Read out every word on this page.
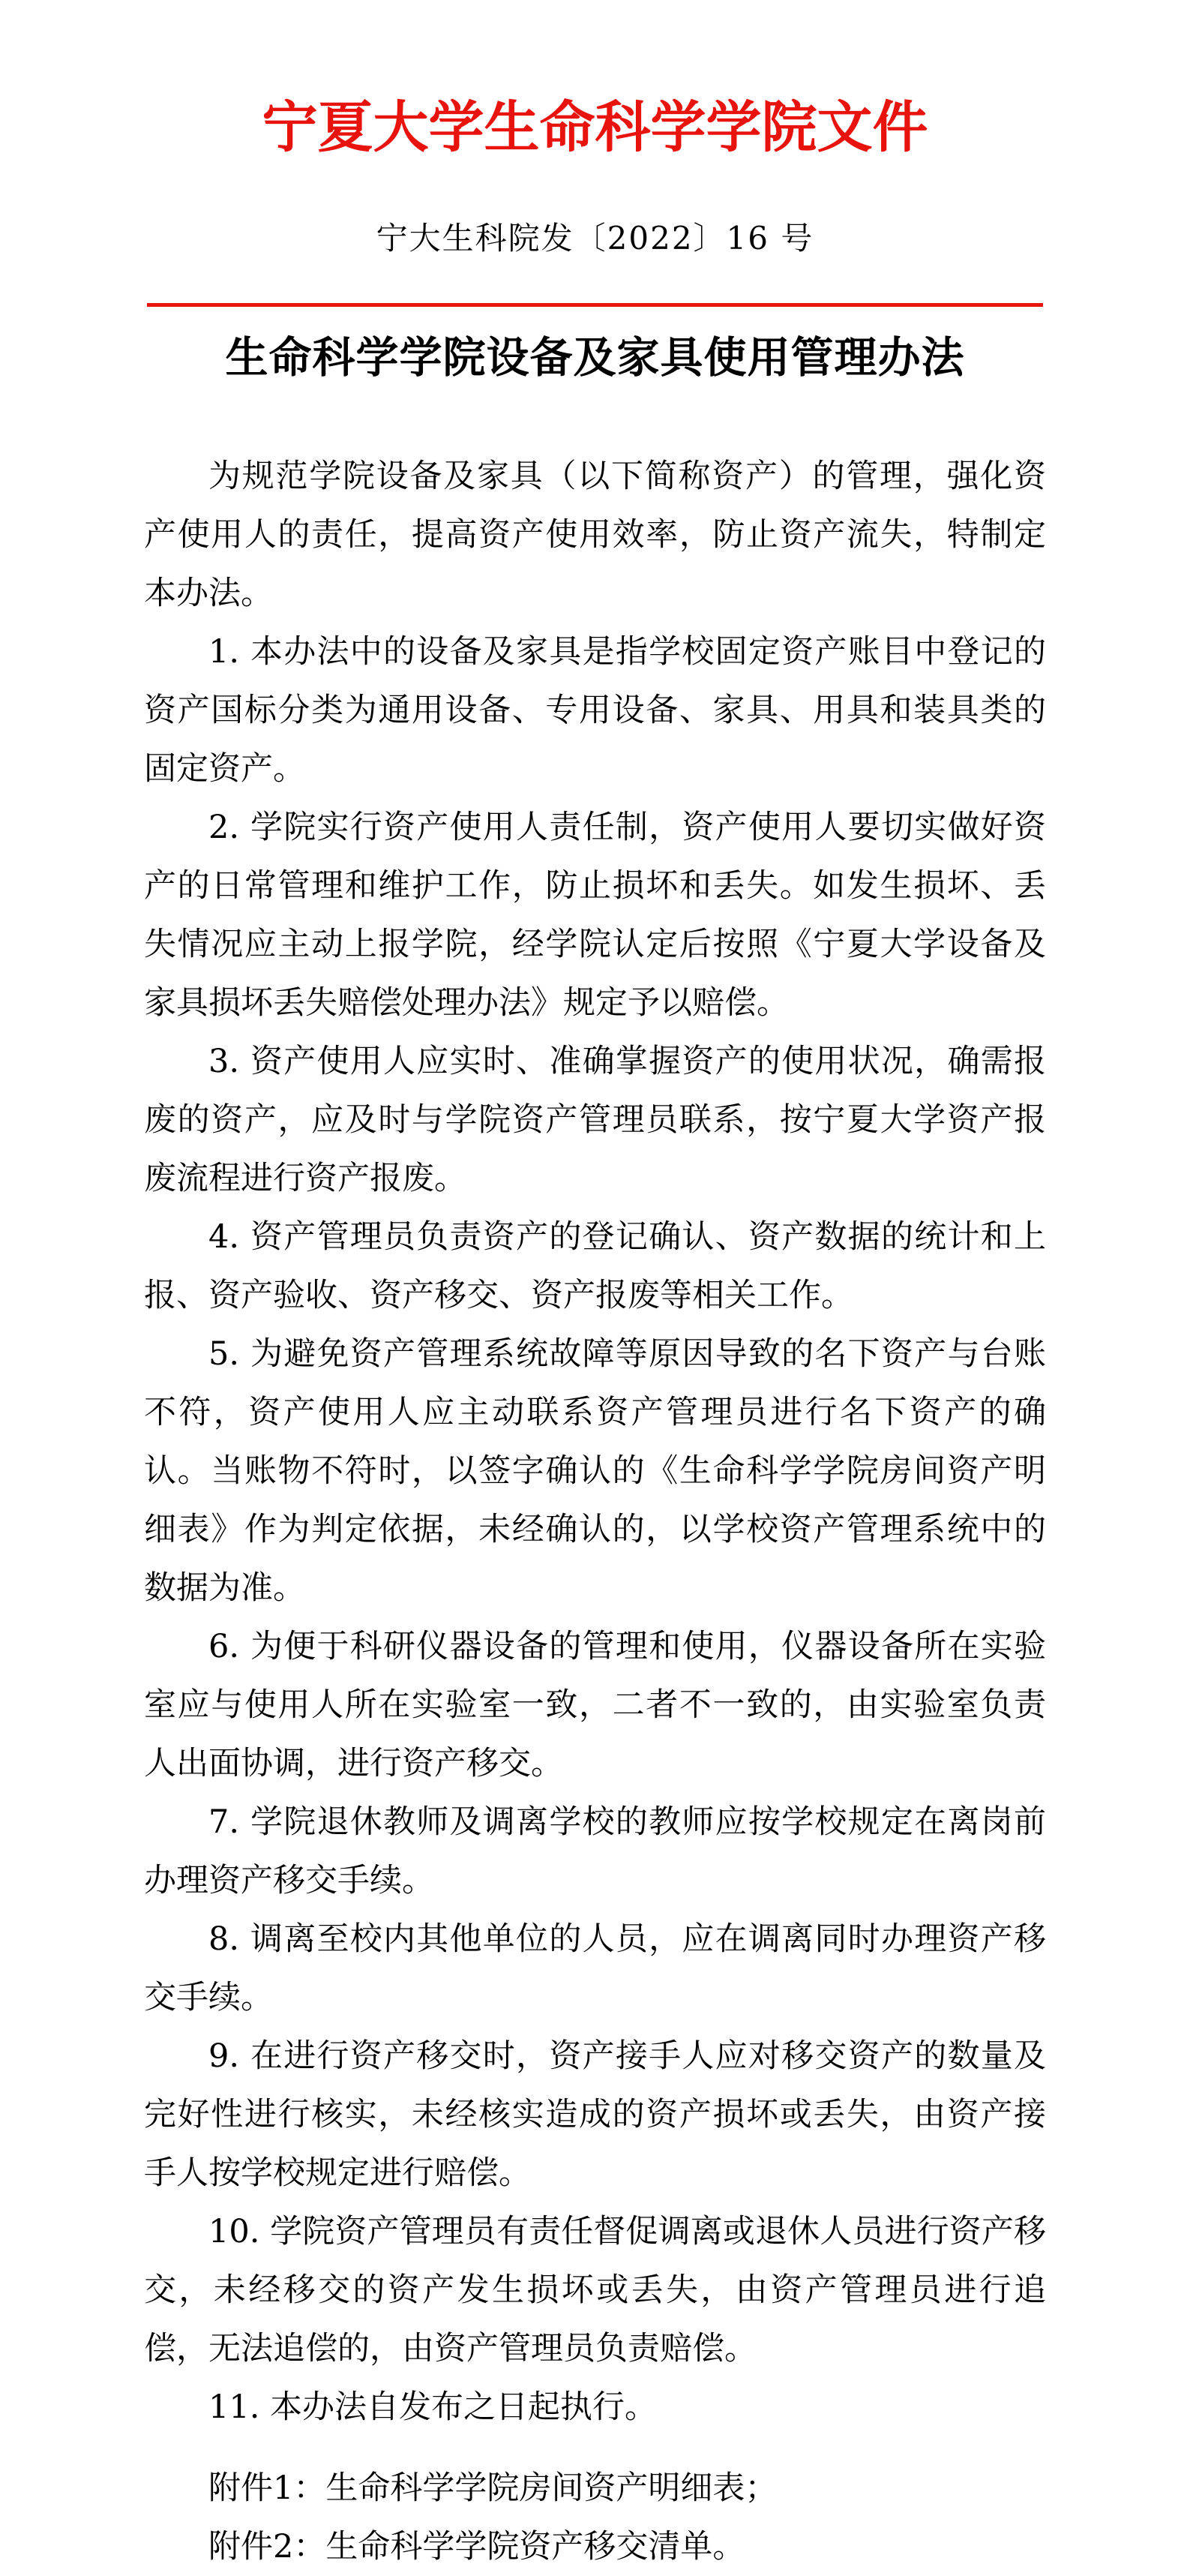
宁夏大学生命科学学院文件
宁大生科院发〔2022〕16 号
生命科学学院设备及家具使用管理办法

为规范学院设备及家具（以下简称资产）的管理，强化资产使用人的责任，提高资产使用效率，防止资产流失，特制定本办法。

1. 本办法中的设备及家具是指学校固定资产账目中登记的资产国标分类为通用设备、专用设备、家具、用具和装具类的固定资产。

2. 学院实行资产使用人责任制，资产使用人要切实做好资产的日常管理和维护工作，防止损坏和丢失。如发生损坏、丢失情况应主动上报学院，经学院认定后按照《宁夏大学设备及家具损坏丢失赔偿处理办法》规定予以赔偿。

3. 资产使用人应实时、准确掌握资产的使用状况，确需报废的资产，应及时与学院资产管理员联系，按宁夏大学资产报废流程进行资产报废。

4. 资产管理员负责资产的登记确认、资产数据的统计和上报、资产验收、资产移交、资产报废等相关工作。

5. 为避免资产管理系统故障等原因导致的名下资产与台账不符，资产使用人应主动联系资产管理员进行名下资产的确认。当账物不符时，以签字确认的《生命科学学院房间资产明细表》作为判定依据，未经确认的，以学校资产管理系统中的数据为准。

6. 为便于科研仪器设备的管理和使用，仪器设备所在实验室应与使用人所在实验室一致，二者不一致的，由实验室负责人出面协调，进行资产移交。

7. 学院退休教师及调离学校的教师应按学校规定在离岗前办理资产移交手续。

8. 调离至校内其他单位的人员，应在调离同时办理资产移交手续。

9. 在进行资产移交时，资产接手人应对移交资产的数量及完好性进行核实，未经核实造成的资产损坏或丢失，由资产接手人按学校规定进行赔偿。

10. 学院资产管理员有责任督促调离或退休人员进行资产移交，未经移交的资产发生损坏或丢失，由资产管理员进行追偿，无法追偿的，由资产管理员负责赔偿。

11. 本办法自发布之日起执行。

附件1：生命科学学院房间资产明细表；

附件2：生命科学学院资产移交清单。
